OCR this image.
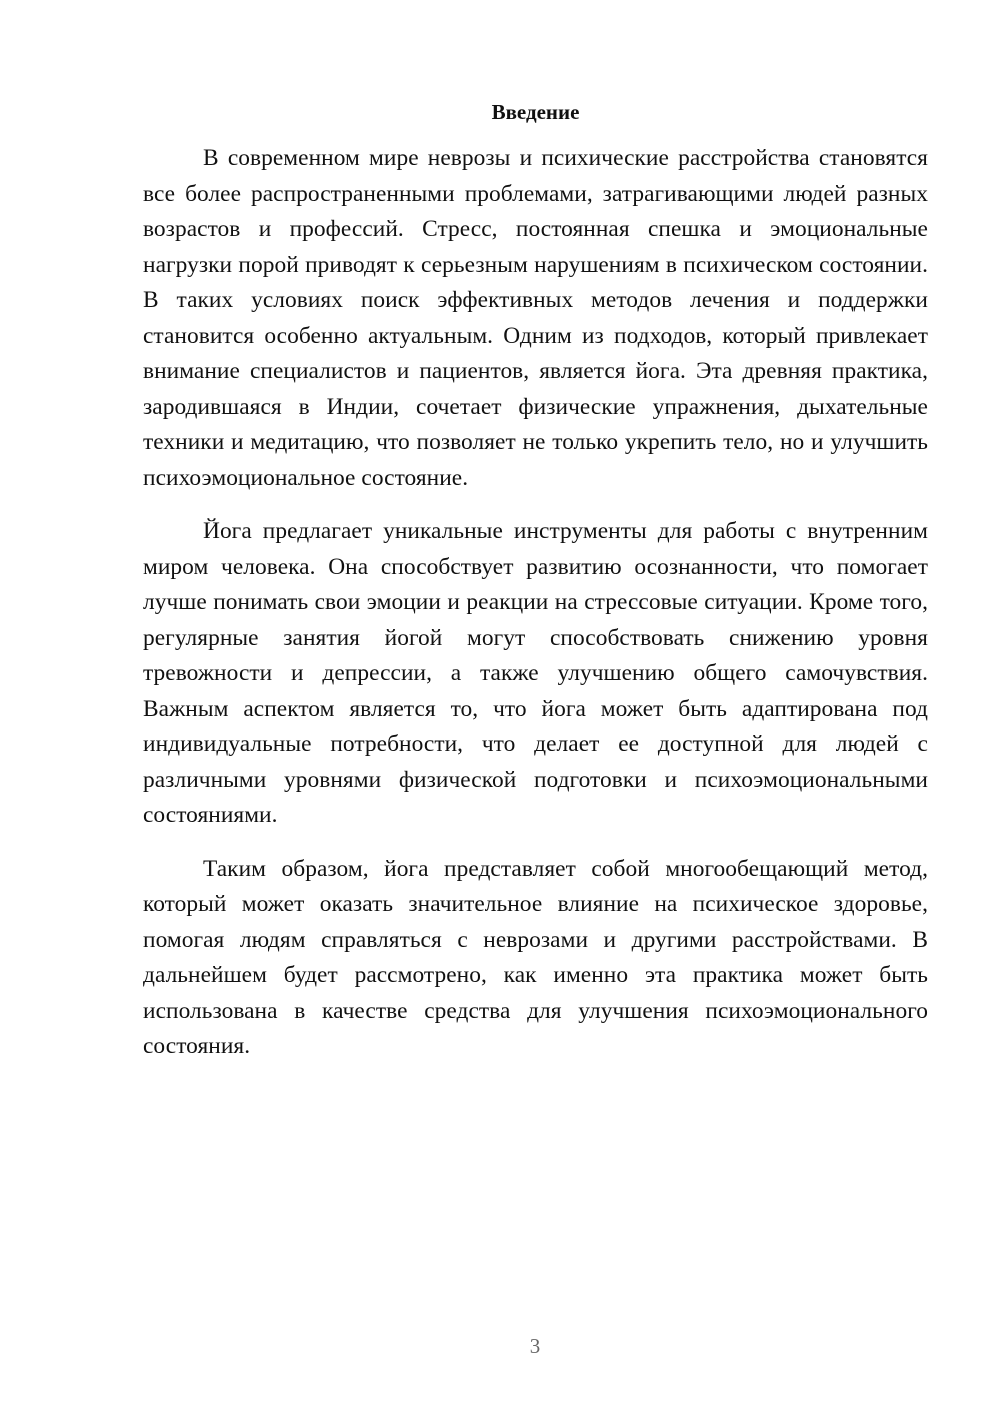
Введение

В современном мире неврозы и психические расстройства становятся все более распространенными проблемами, затрагивающими людей разных возрастов и профессий. Стресс, постоянная спешка и эмоциональные нагрузки порой приводят к серьезным нарушениям в психическом состоянии. В таких условиях поиск эффективных методов лечения и поддержки становится особенно актуальным. Одним из подходов, который привлекает внимание специалистов и пациентов, является йога. Эта древняя практика, зародившаяся в Индии, сочетает физические упражнения, дыхательные техники и медитацию, что позволяет не только укрепить тело, но и улучшить психоэмоциональное состояние.

Йога предлагает уникальные инструменты для работы с внутренним миром человека. Она способствует развитию осознанности, что помогает лучше понимать свои эмоции и реакции на стрессовые ситуации. Кроме того, регулярные занятия йогой могут способствовать снижению уровня тревожности и депрессии, а также улучшению общего самочувствия. Важным аспектом является то, что йога может быть адаптирована под индивидуальные потребности, что делает ее доступной для людей с различными уровнями физической подготовки и психоэмоциональными состояниями.

Таким образом, йога представляет собой многообещающий метод, который может оказать значительное влияние на психическое здоровье, помогая людям справляться с неврозами и другими расстройствами. В дальнейшем будет рассмотрено, как именно эта практика может быть использована в качестве средства для улучшения психоэмоционального состояния.

3
